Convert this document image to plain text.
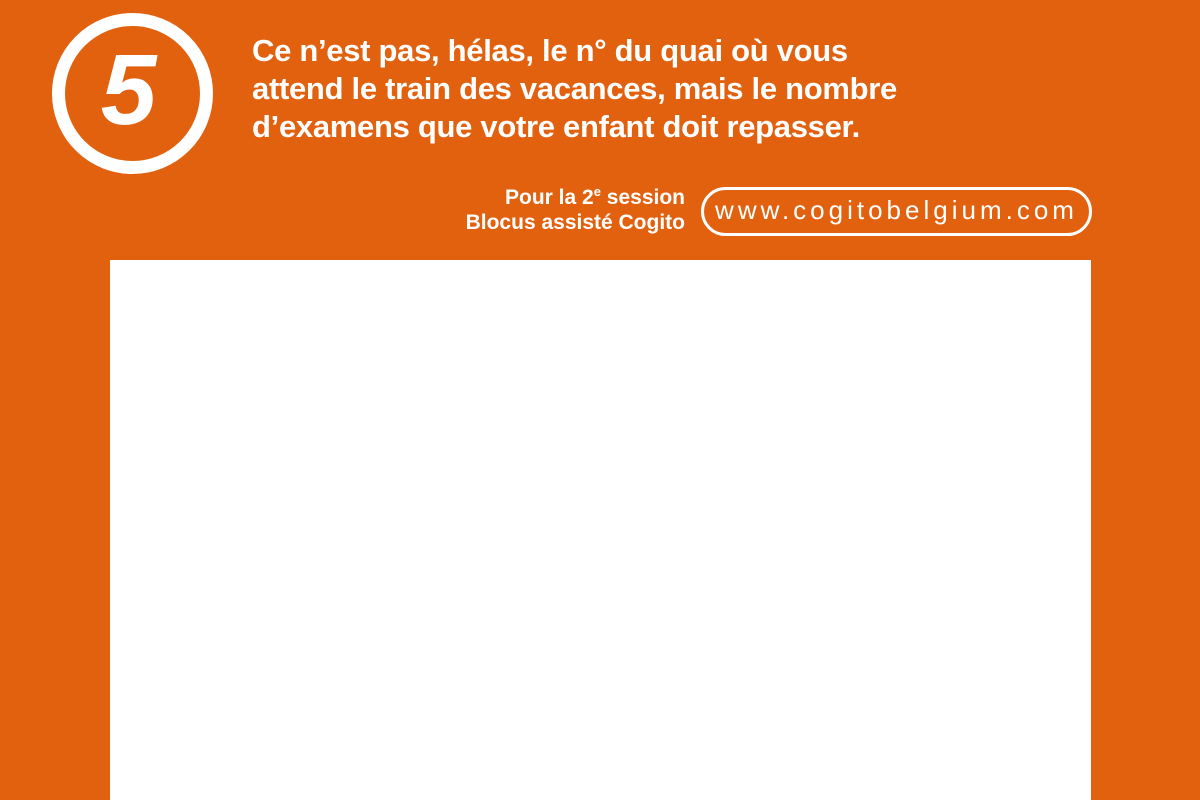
5	Ce n’est pas, hélas, le n° du quai où vous
attend le train des vacances, mais le nombre
d’examens que votre enfant doit repasser.
Pour la 2e session
Blocus assisté Cogito www.cogitobelgium.com
